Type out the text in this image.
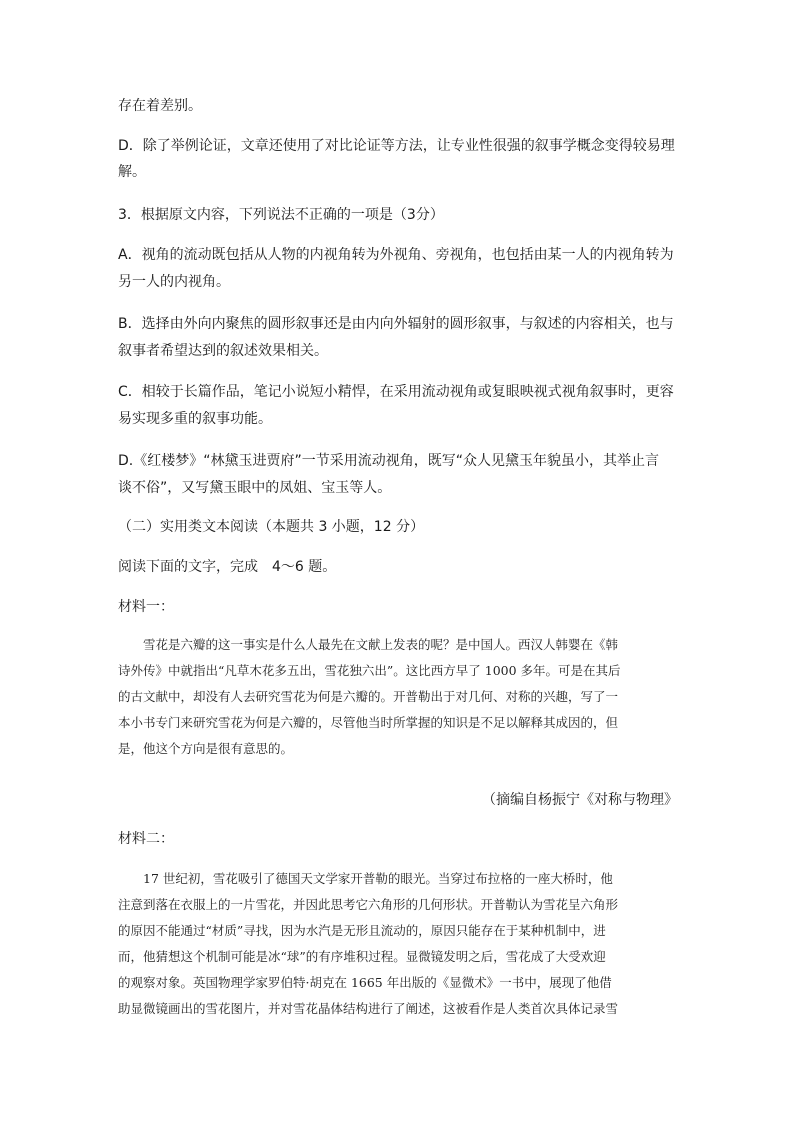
存在着差别。
D．除了举例论证，文章还使用了对比论证等方法，让专业性很强的叙事学概念变得较易理
解。
3．根据原文内容，下列说法不正确的一项是（3分）
A．视角的流动既包括从人物的内视角转为外视角、旁视角，也包括由某一人的内视角转为
另一人的内视角。
B．选择由外向内聚焦的圆形叙事还是由内向外辐射的圆形叙事，与叙述的内容相关，也与
叙事者希望达到的叙述效果相关。
C．相较于长篇作品，笔记小说短小精悍，在采用流动视角或复眼映视式视角叙事时，更容
易实现多重的叙事功能。
D.《红楼梦》“林黛玉进贾府”一节采用流动视角，既写“众人见黛玉年貌虽小，其举止言
谈不俗”，又写黛玉眼中的凤姐、宝玉等人。
（二）实用类文本阅读（本题共 3 小题，12 分）
阅读下面的文字，完成　4～6 题。
材料一：
　　雪花是六瓣的这一事实是什么人最先在文献上发表的呢？是中国人。西汉人韩婴在《韩
诗外传》中就指出“凡草木花多五出，雪花独六出”。这比西方早了 1000 多年。可是在其后
的古文献中，却没有人去研究雪花为何是六瓣的。开普勒出于对几何、对称的兴趣，写了一
本小书专门来研究雪花为何是六瓣的，尽管他当时所掌握的知识是不足以解释其成因的，但
是，他这个方向是很有意思的。
（摘编自杨振宁《对称与物理》
材料二：
　　17 世纪初，雪花吸引了德国天文学家开普勒的眼光。当穿过布拉格的一座大桥时，他
注意到落在衣服上的一片雪花，并因此思考它六角形的几何形状。开普勒认为雪花呈六角形
的原因不能通过“材质”寻找，因为水汽是无形且流动的，原因只能存在于某种机制中，进
而，他猜想这个机制可能是冰“球”的有序堆积过程。显微镜发明之后，雪花成了大受欢迎
的观察对象。英国物理学家罗伯特·胡克在 1665 年出版的《显微术》一书中，展现了他借
助显微镜画出的雪花图片，并对雪花晶体结构进行了阐述，这被看作是人类首次具体记录雪
